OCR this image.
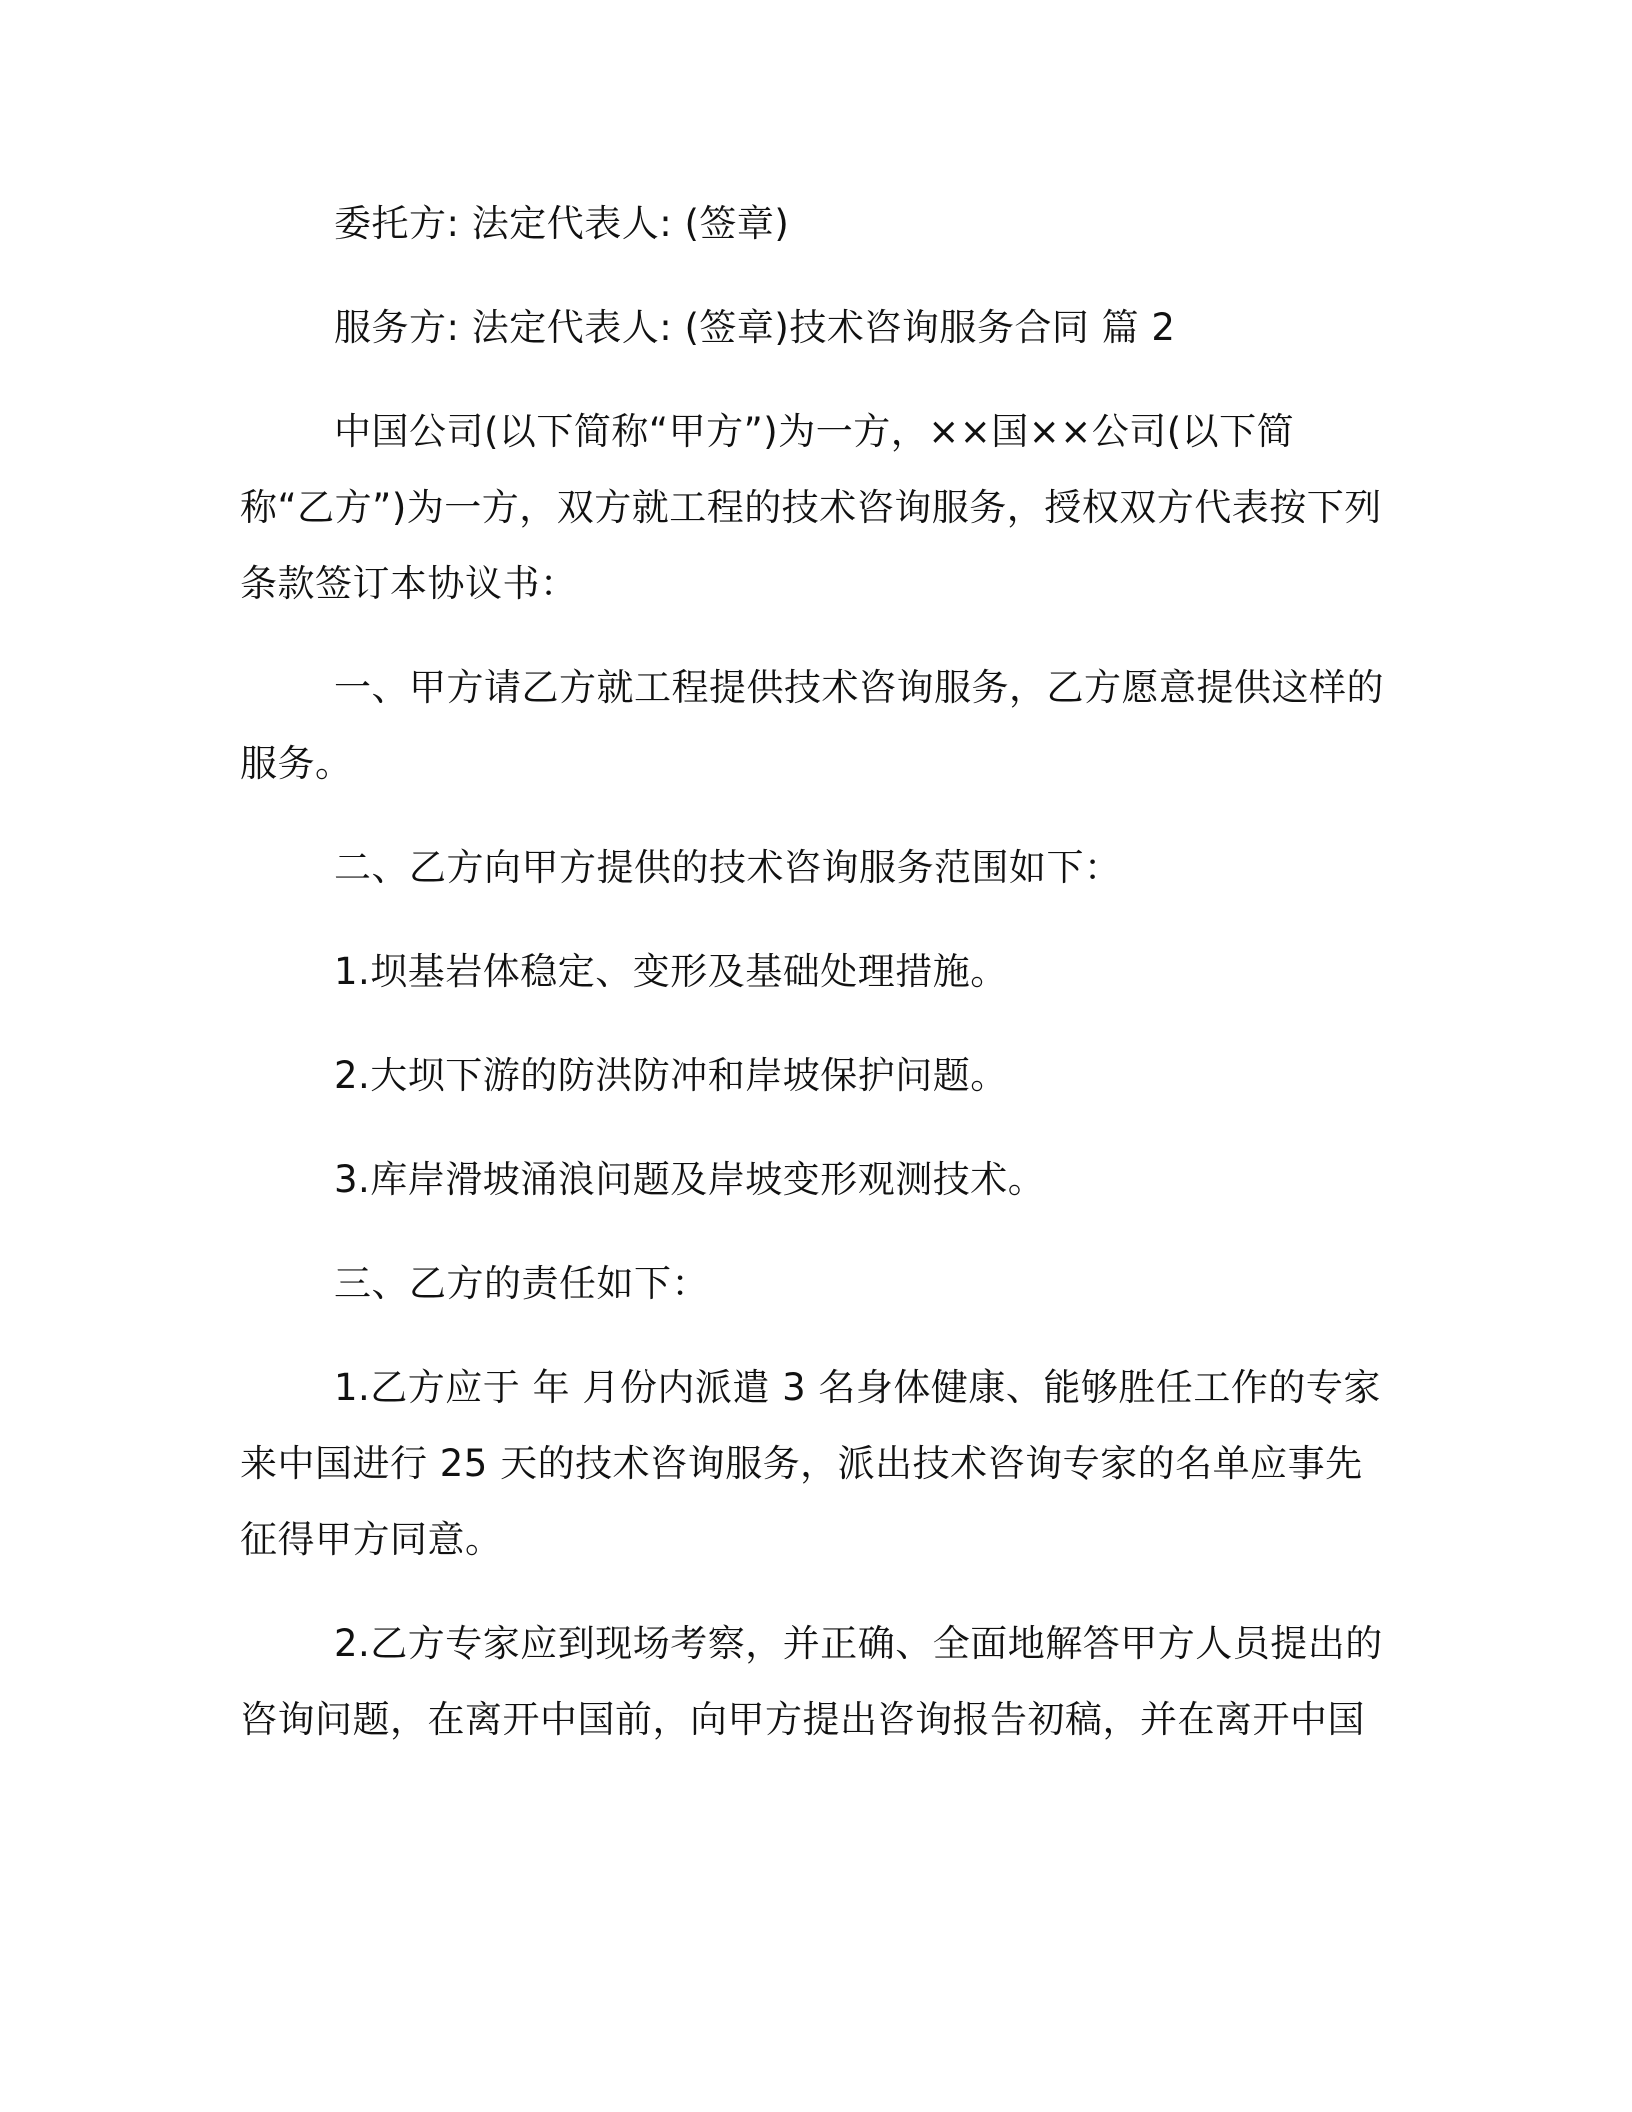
委托方: 法定代表人: (签章)

服务方: 法定代表人: (签章)技术咨询服务合同 篇 2

中国公司(以下简称“甲方”)为一方，××国××公司(以下简称“乙方”)为一方，双方就工程的技术咨询服务，授权双方代表按下列条款签订本协议书：

一、甲方请乙方就工程提供技术咨询服务，乙方愿意提供这样的服务。

二、乙方向甲方提供的技术咨询服务范围如下：

1.坝基岩体稳定、变形及基础处理措施。

2.大坝下游的防洪防冲和岸坡保护问题。

3.库岸滑坡涌浪问题及岸坡变形观测技术。

三、乙方的责任如下：

1.乙方应于 年 月份内派遣 3 名身体健康、能够胜任工作的专家来中国进行 25 天的技术咨询服务，派出技术咨询专家的名单应事先征得甲方同意。

2.乙方专家应到现场考察，并正确、全面地解答甲方人员提出的咨询问题，在离开中国前，向甲方提出咨询报告初稿，并在离开中国
